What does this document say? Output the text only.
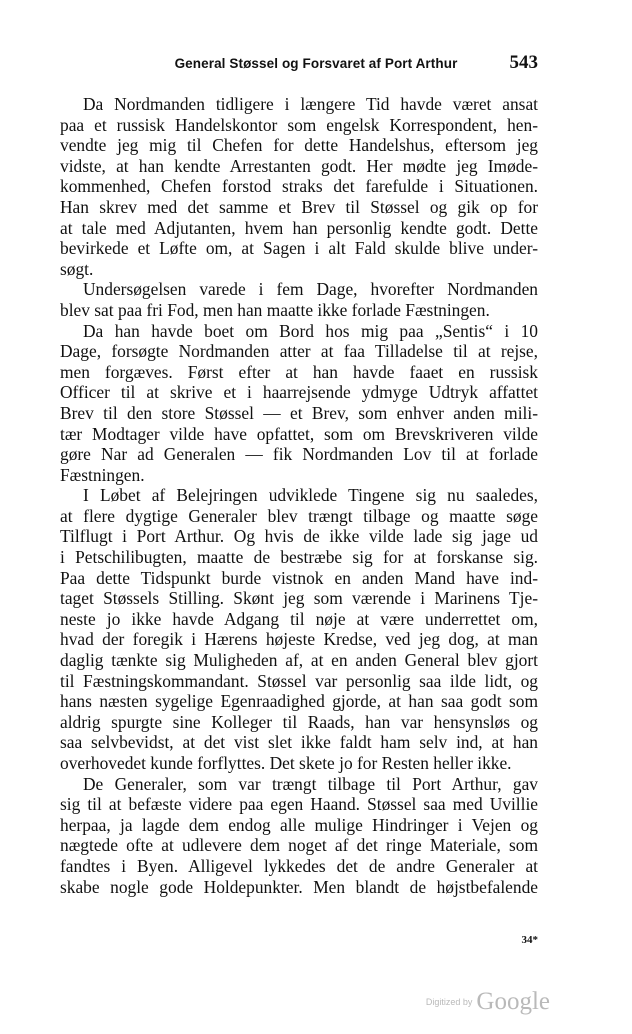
General Støssel og Forsvaret af Port Arthur	543
Da Nordmanden tidligere i længere Tid havde været ansat
paa et russisk Handelskontor som engelsk Korrespondent, hen-
vendte jeg mig til Chefen for dette Handelshus, eftersom jeg
vidste, at han kendte Arrestanten godt. Her mødte jeg Imøde-
kommenhed, Chefen forstod straks det farefulde i Situationen.
Han skrev med det samme et Brev til Støssel og gik op for
at tale med Adjutanten, hvem han personlig kendte godt. Dette
bevirkede et Løfte om, at Sagen i alt Fald skulde blive under-
søgt.
Undersøgelsen varede i fem Dage, hvorefter Nordmanden
blev sat paa fri Fod, men han maatte ikke forlade Fæstningen.
Da han havde boet om Bord hos mig paa „Sentis“ i 10
Dage, forsøgte Nordmanden atter at faa Tilladelse til at rejse,
men forgæves. Først efter at han havde faaet en russisk
Officer til at skrive et i haarrejsende ydmyge Udtryk affattet
Brev til den store Støssel — et Brev, som enhver anden mili-
tær Modtager vilde have opfattet, som om Brevskriveren vilde
gøre Nar ad Generalen — fik Nordmanden Lov til at forlade
Fæstningen.
I Løbet af Belejringen udviklede Tingene sig nu saaledes,
at flere dygtige Generaler blev trængt tilbage og maatte søge
Tilflugt i Port Arthur. Og hvis de ikke vilde lade sig jage ud
i Petschilibugten, maatte de bestræbe sig for at forskanse sig.
Paa dette Tidspunkt burde vistnok en anden Mand have ind-
taget Støssels Stilling. Skønt jeg som værende i Marinens Tje-
neste jo ikke havde Adgang til nøje at være underrettet om,
hvad der foregik i Hærens højeste Kredse, ved jeg dog, at man
daglig tænkte sig Muligheden af, at en anden General blev gjort
til Fæstningskommandant. Støssel var personlig saa ilde lidt, og
hans næsten sygelige Egenraadighed gjorde, at han saa godt som
aldrig spurgte sine Kolleger til Raads, han var hensynsløs og
saa selvbevidst, at det vist slet ikke faldt ham selv ind, at han
overhovedet kunde forflyttes. Det skete jo for Resten heller ikke.
De Generaler, som var trængt tilbage til Port Arthur, gav
sig til at befæste videre paa egen Haand. Støssel saa med Uvillie
herpaa, ja lagde dem endog alle mulige Hindringer i Vejen og
nægtede ofte at udlevere dem noget af det ringe Materiale, som
fandtes i Byen. Alligevel lykkedes det de andre Generaler at
skabe nogle gode Holdepunkter. Men blandt de højstbefalende
34*
Digitized by Google
